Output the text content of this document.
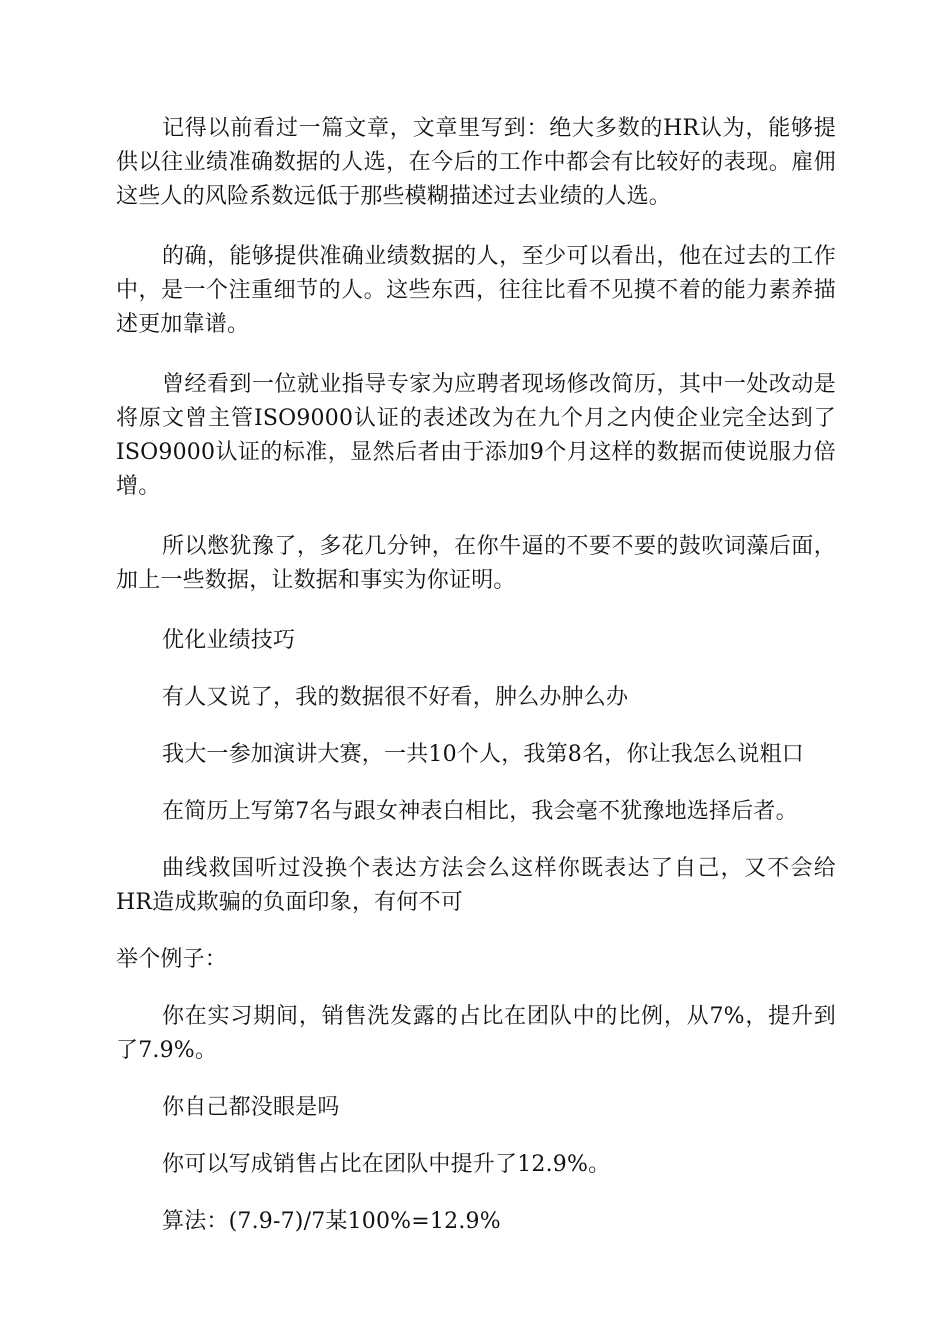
记得以前看过一篇文章，文章里写到：绝大多数的HR认为，能够提供以往业绩准确数据的人选，在今后的工作中都会有比较好的表现。雇佣这些人的风险系数远低于那些模糊描述过去业绩的人选。

的确，能够提供准确业绩数据的人，至少可以看出，他在过去的工作中，是一个注重细节的人。这些东西，往往比看不见摸不着的能力素养描述更加靠谱。

曾经看到一位就业指导专家为应聘者现场修改简历，其中一处改动是将原文曾主管ISO9000认证的表述改为在九个月之内使企业完全达到了ISO9000认证的标准，显然后者由于添加9个月这样的数据而使说服力倍增。

所以憋犹豫了，多花几分钟，在你牛逼的不要不要的鼓吹词藻后面，加上一些数据，让数据和事实为你证明。

优化业绩技巧

有人又说了，我的数据很不好看，肿么办肿么办

我大一参加演讲大赛，一共10个人，我第8名，你让我怎么说粗口

在简历上写第7名与跟女神表白相比，我会毫不犹豫地选择后者。

曲线救国听过没换个表达方法会么这样你既表达了自己，又不会给HR造成欺骗的负面印象，有何不可

举个例子：

你在实习期间，销售洗发露的占比在团队中的比例，从7%，提升到了7.9%。

你自己都没眼是吗

你可以写成销售占比在团队中提升了12.9%。

算法：(7.9-7)/7某100%=12.9%
